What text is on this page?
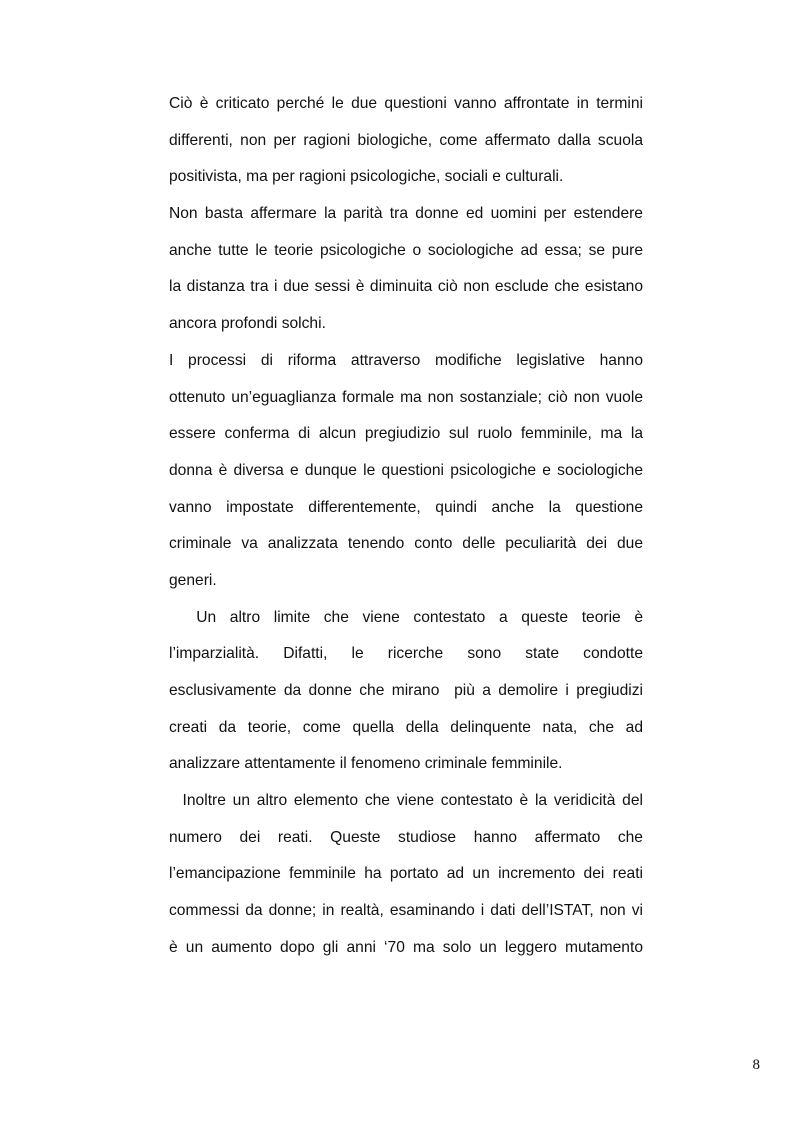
Ciò è criticato perché le due questioni vanno affrontate in termini
differenti, non per ragioni biologiche, come affermato dalla scuola
positivista, ma per ragioni psicologiche, sociali e culturali.
Non basta affermare la parità tra donne ed uomini per estendere
anche tutte le teorie psicologiche o sociologiche ad essa; se pure
la distanza tra i due sessi è diminuita ciò non esclude che esistano
ancora profondi solchi.
I processi di riforma attraverso modifiche legislative hanno
ottenuto un’eguaglianza formale ma non sostanziale; ciò non vuole
essere conferma di alcun pregiudizio sul ruolo femminile, ma la
donna è diversa e dunque le questioni psicologiche e sociologiche
vanno impostate differentemente, quindi anche la questione
criminale va analizzata tenendo conto delle peculiarità dei due
generi.
Un altro limite che viene contestato a queste teorie è
l’imparzialità. Difatti, le ricerche sono state condotte
esclusivamente da donne che mirano  più a demolire i pregiudizi
creati da teorie, come quella della delinquente nata, che ad
analizzare attentamente il fenomeno criminale femminile.
Inoltre un altro elemento che viene contestato è la veridicità del
numero dei reati. Queste studiose hanno affermato che
l’emancipazione femminile ha portato ad un incremento dei reati
commessi da donne; in realtà, esaminando i dati dell’ISTAT, non vi
è un aumento dopo gli anni ‘70 ma solo un leggero mutamento
8
